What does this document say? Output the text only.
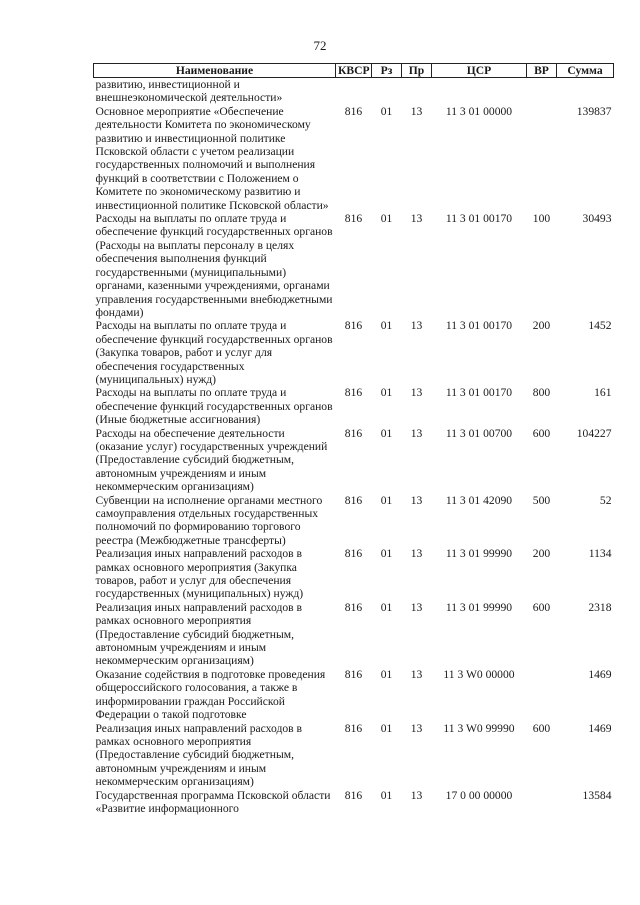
72
Наименование	КВСР	Рз	Пр	ЦСР	ВР	Сумма
развитию, инвестиционной и внешнеэкономической деятельности»						
Основное мероприятие «Обеспечение деятельности Комитета по экономическому развитию и инвестиционной политике Псковской области с учетом реализации государственных полномочий и выполнения функций в соответствии с Положением о Комитете по экономическому развитию и инвестиционной политике Псковской области»	816	01	13	11 3 01 00000		139837
Расходы на выплаты по оплате труда и обеспечение функций государственных органов (Расходы на выплаты персоналу в целях обеспечения выполнения функций государственными (муниципальными) органами, казенными учреждениями, органами управления государственными внебюджетными фондами)	816	01	13	11 3 01 00170	100	30493
Расходы на выплаты по оплате труда и обеспечение функций государственных органов (Закупка товаров, работ и услуг для обеспечения государственных (муниципальных) нужд)	816	01	13	11 3 01 00170	200	1452
Расходы на выплаты по оплате труда и обеспечение функций государственных органов (Иные бюджетные ассигнования)	816	01	13	11 3 01 00170	800	161
Расходы на обеспечение деятельности (оказание услуг) государственных учреждений (Предоставление субсидий бюджетным, автономным учреждениям и иным некоммерческим организациям)	816	01	13	11 3 01 00700	600	104227
Субвенции на исполнение органами местного самоуправления отдельных государственных полномочий по формированию торгового реестра (Межбюджетные трансферты)	816	01	13	11 3 01 42090	500	52
Реализация иных направлений расходов в рамках основного мероприятия (Закупка товаров, работ и услуг для обеспечения государственных (муниципальных) нужд)	816	01	13	11 3 01 99990	200	1134
Реализация иных направлений расходов в рамках основного мероприятия (Предоставление субсидий бюджетным, автономным учреждениям и иным некоммерческим организациям)	816	01	13	11 3 01 99990	600	2318
Оказание содействия в подготовке проведения общероссийского голосования, а также в информировании граждан Российской Федерации о такой подготовке	816	01	13	11 3 W0 00000		1469
Реализация иных направлений расходов в рамках основного мероприятия (Предоставление субсидий бюджетным, автономным учреждениям и иным некоммерческим организациям)	816	01	13	11 3 W0 99990	600	1469
Государственная программа Псковской области «Развитие информационного	816	01	13	17 0 00 00000		13584
